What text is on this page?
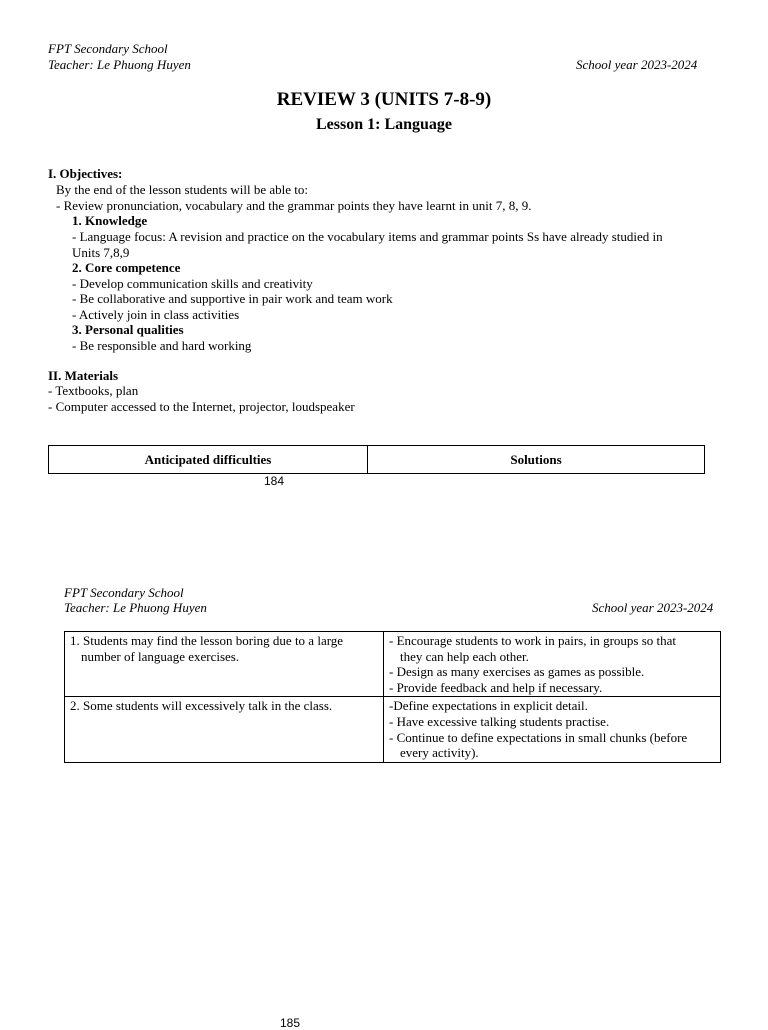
FPT Secondary School
Teacher: Le Phuong Huyen	School year 2023-2024
REVIEW 3 (UNITS 7-8-9)
Lesson 1: Language
I. Objectives:
By the end of the lesson students will be able to:
- Review pronunciation, vocabulary and the grammar points they have learnt in unit 7, 8, 9.
1. Knowledge
- Language focus: A revision and practice on the vocabulary items and grammar points Ss have already studied in
Units 7,8,9
2. Core competence
- Develop communication skills and creativity
- Be collaborative and supportive in pair work and team work
- Actively join in class activities
3. Personal qualities
- Be responsible and hard working
II. Materials
- Textbooks, plan
- Computer accessed to the Internet, projector, loudspeaker
Anticipated difficulties	Solutions
184
FPT Secondary School
Teacher: Le Phuong Huyen	School year 2023-2024
1. Students may find the lesson boring due to a large
number of language exercises.	- Encourage students to work in pairs, in groups so that
they can help each other.
- Design as many exercises as games as possible.
- Provide feedback and help if necessary.

2. Some students will excessively talk in the class.	-Define expectations in explicit detail.
- Have excessive talking students practise.
- Continue to define expectations in small chunks (before
every activity).
185
